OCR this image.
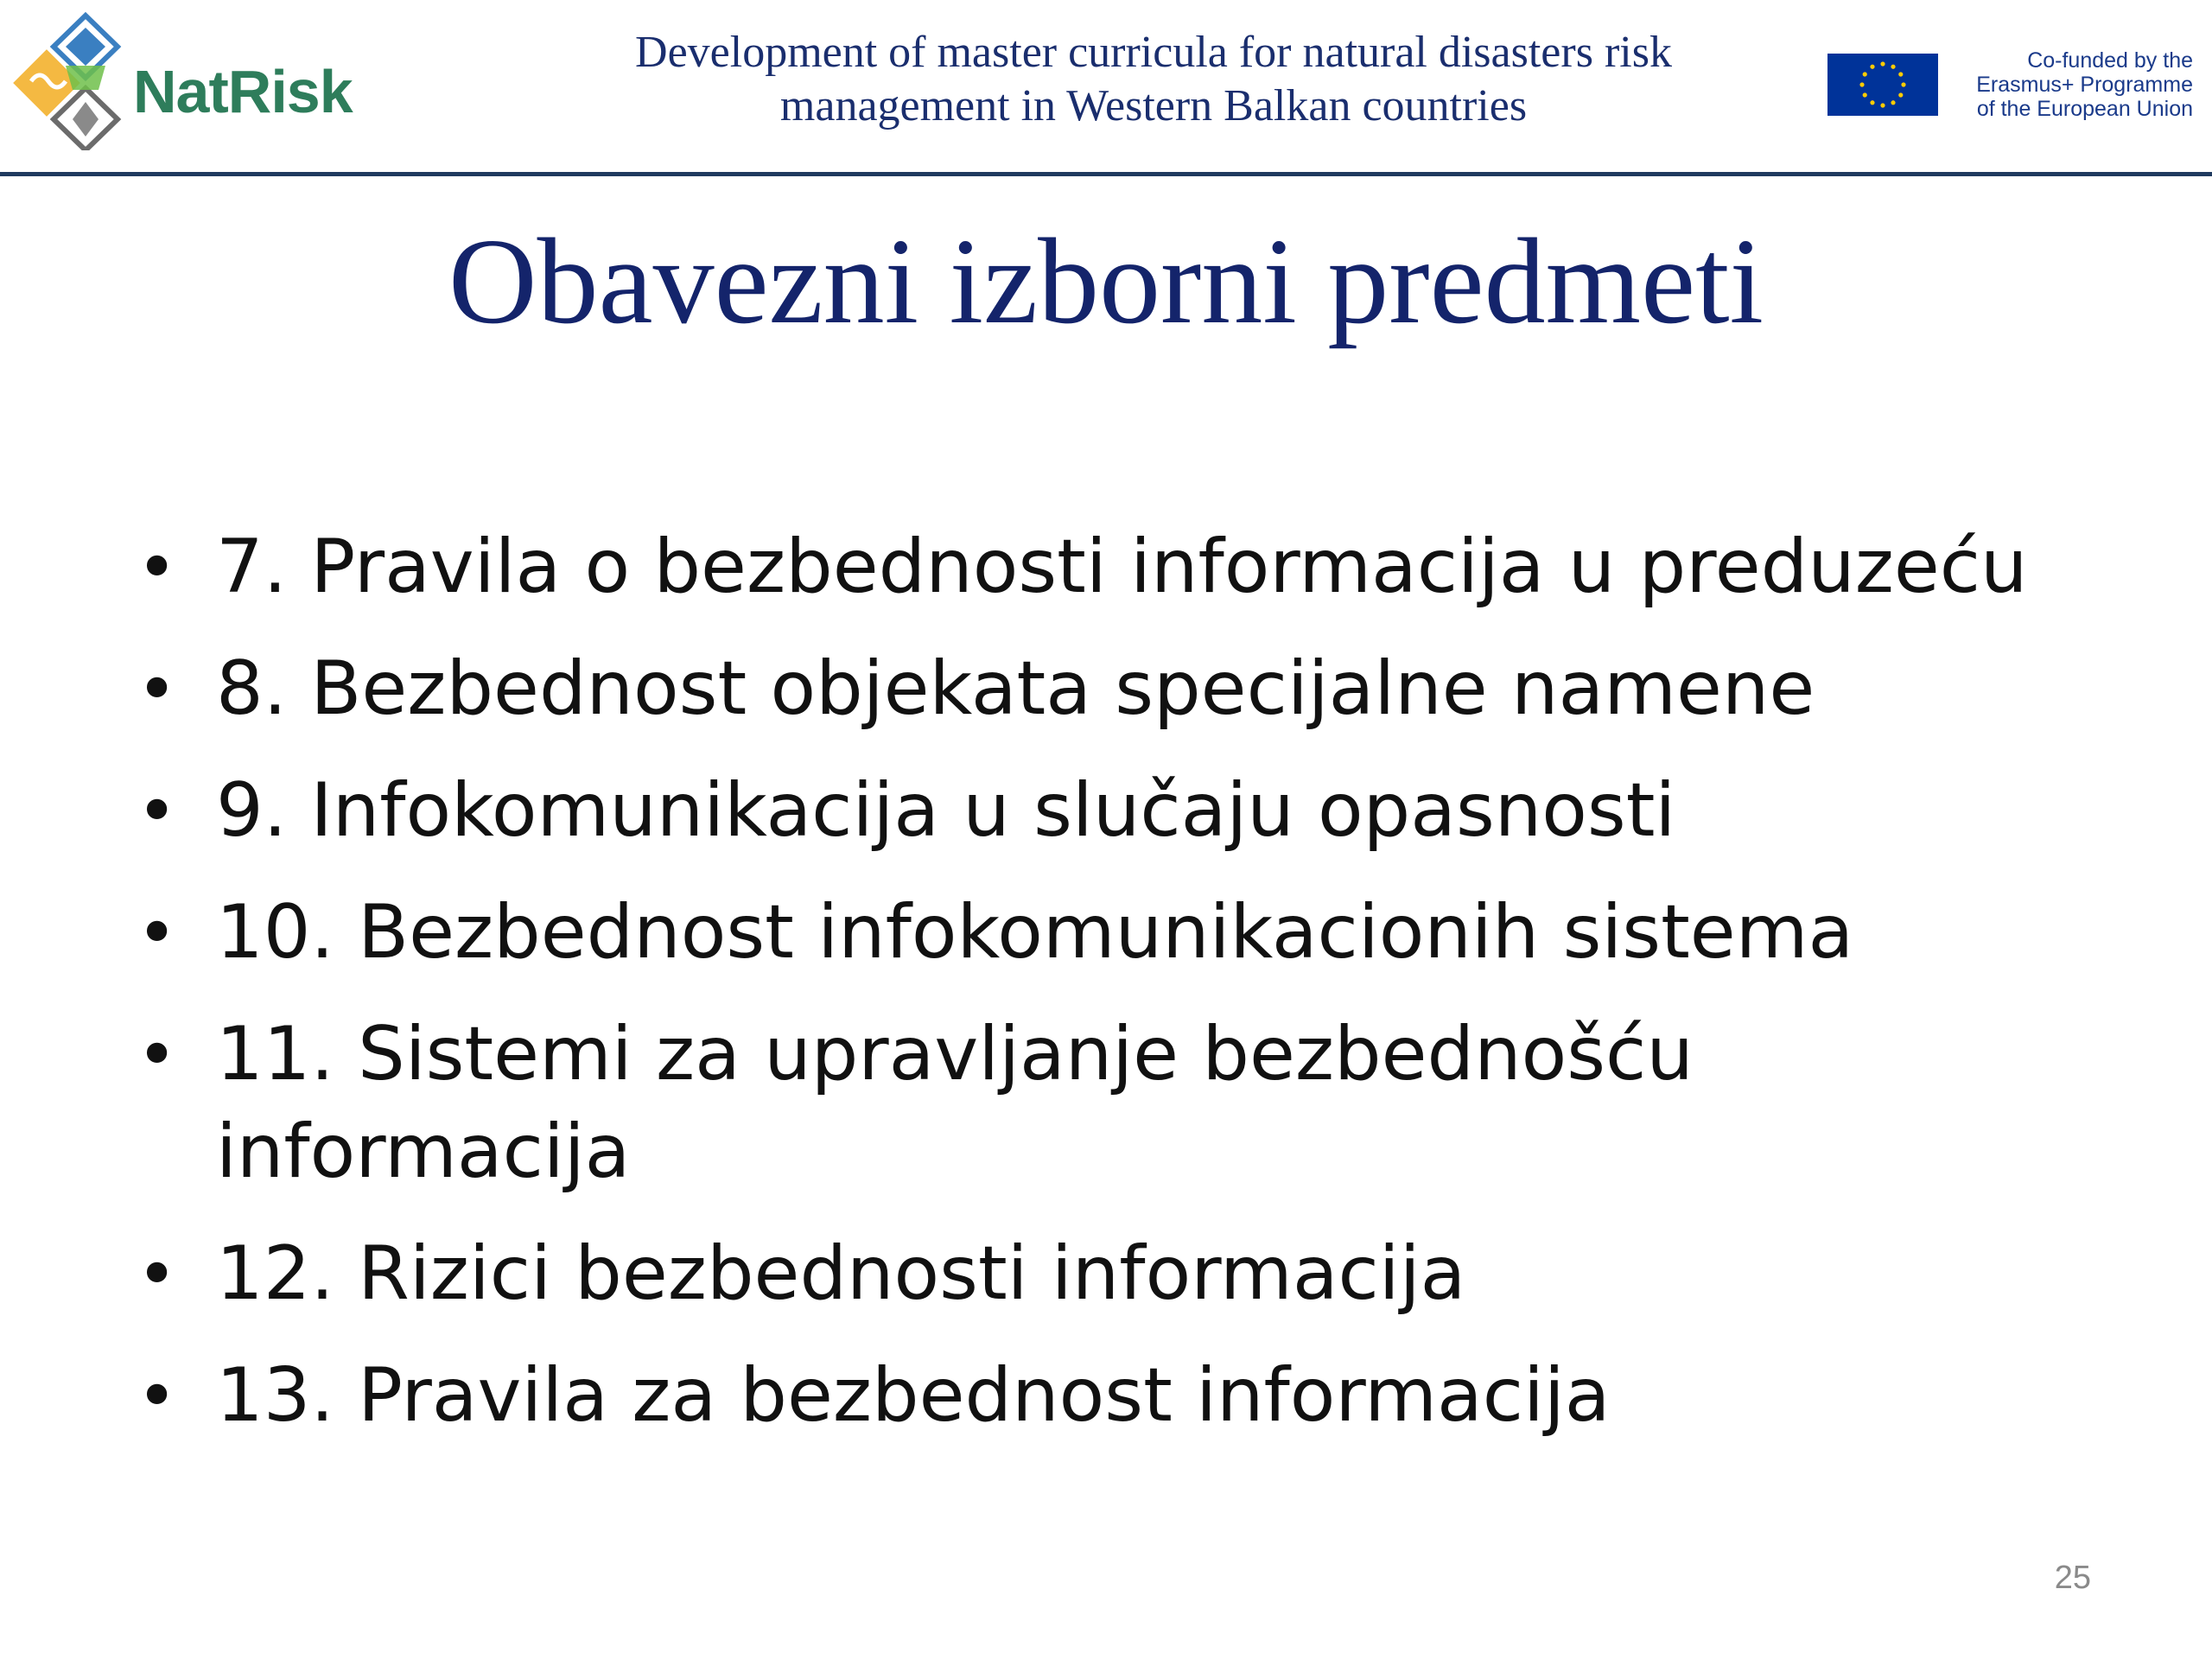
NatRisk
Development of master curricula for natural disasters risk
management in Western Balkan countries
Co-funded by the
Erasmus+ Programme
of the European Union
Obavezni izborni predmeti
• 7. Pravila o bezbednosti informacija u preduzeću
• 8. Bezbednost objekata specijalne namene
• 9. Infokomunikacija u slučaju opasnosti
• 10. Bezbednost infokomunikacionih sistema
• 11. Sistemi za upravljanje bezbednošću informacija
• 12. Rizici bezbednosti informacija
• 13. Pravila za bezbednost informacija
25
